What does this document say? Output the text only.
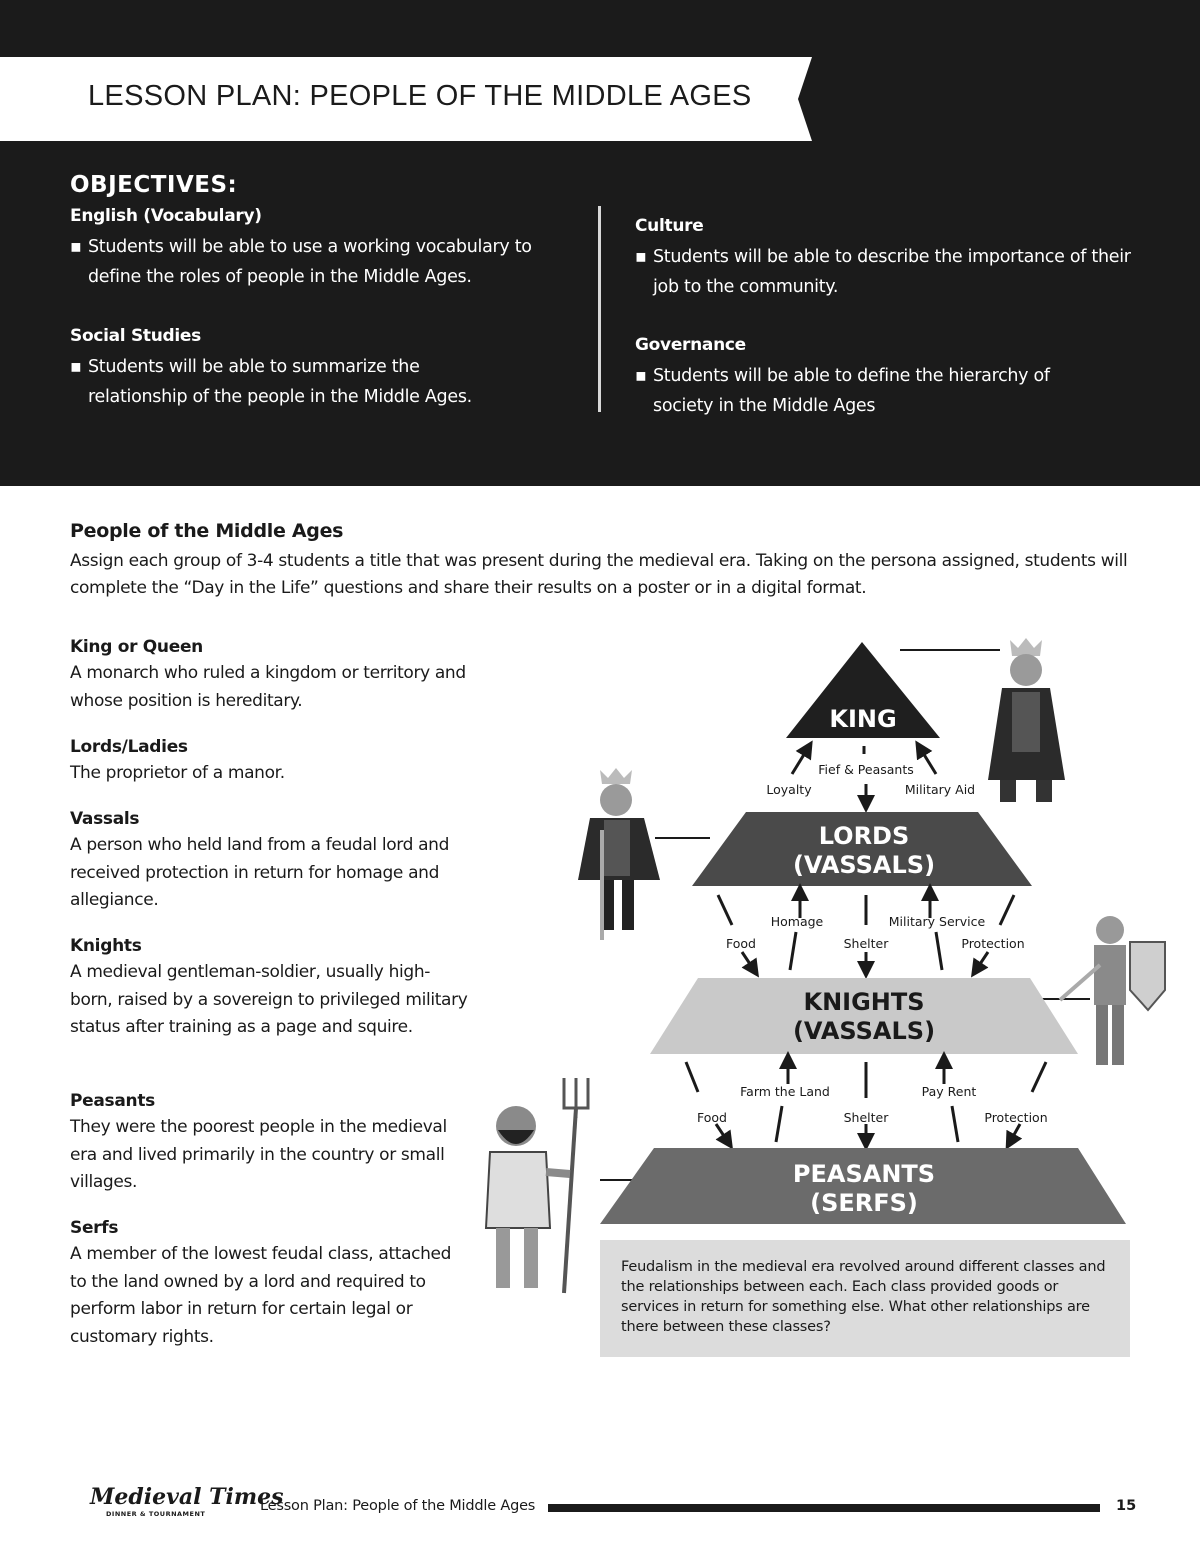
LESSON PLAN: PEOPLE OF THE MIDDLE AGES
OBJECTIVES:
English (Vocabulary)

▪ Students will be able to use a working vocabulary to define the roles of people in the Middle Ages.

Social Studies

▪ Students will be able to summarize the relationship of the people in the Middle Ages.

Culture

▪ Students will be able to describe the importance of their job to the community.

Governance

▪ Students will be able to define the hierarchy of society in the Middle Ages

People of the Middle Ages
Assign each group of 3-4 students a title that was present during the medieval era. Taking on the persona assigned, students will complete the “Day in the Life” questions and share their results on a poster or in a digital format.
King or Queen

A monarch who ruled a kingdom or territory and whose position is hereditary.

Lords/Ladies

The proprietor of a manor.

Vassals

A person who held land from a feudal lord and received protection in return for homage and allegiance.

Knights

A medieval gentleman-soldier, usually high-born, raised by a sovereign to privileged military status after training as a page and squire.

Peasants

They were the poorest people in the medieval era and lived primarily in the country or small villages.

Serfs

A member of the lowest feudal class, attached to the land owned by a lord and required to perform labor in return for certain legal or customary rights.

KING
Fief & Peasants
Loyalty	Military Aid
LORDS
(VASSALS)
Homage	Military Service
Food	Shelter	Protection
KNIGHTS
(VASSALS)
Farm the Land	Pay Rent
Food	Shelter	Protection
PEASANTS
(SERFS)
Feudalism in the medieval era revolved around different classes and the relationships between each. Each class provided goods or services in return for something else. What other relationships are there between these classes?
Medieval Times
DINNER & TOURNAMENT	Lesson Plan: People of the Middle Ages	15
